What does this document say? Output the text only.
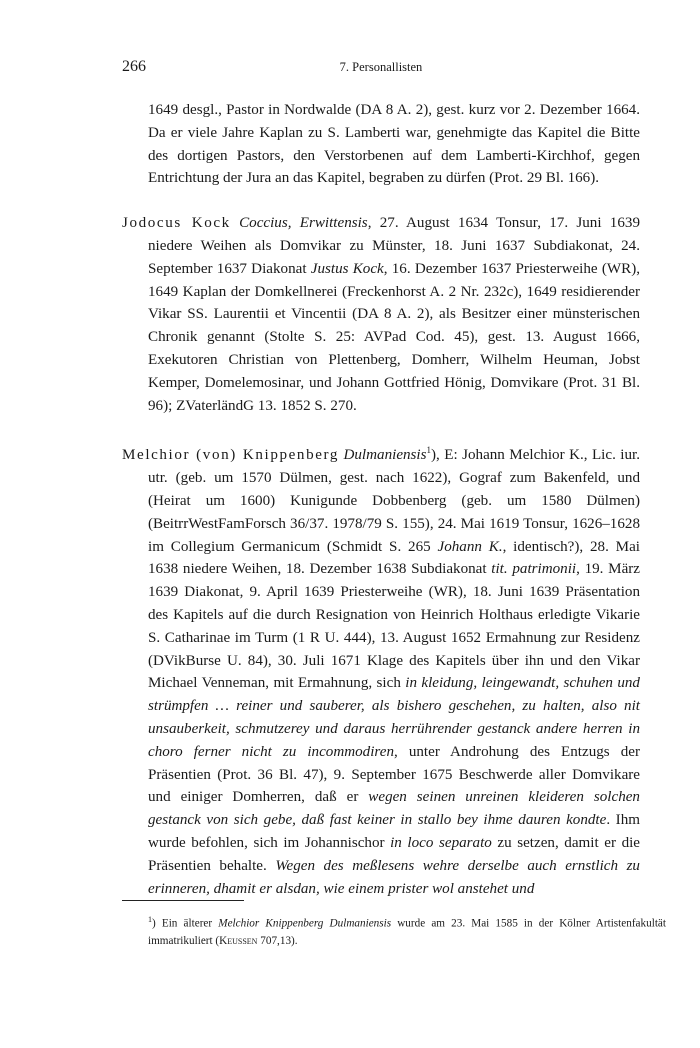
266	7. Personallisten
1649 desgl., Pastor in Nordwalde (DA 8 A. 2), gest. kurz vor 2. Dezember 1664. Da er viele Jahre Kaplan zu S. Lamberti war, genehmigte das Kapitel die Bitte des dortigen Pastors, den Verstorbenen auf dem Lamberti-Kirchhof, gegen Entrichtung der Jura an das Kapitel, begraben zu dürfen (Prot. 29 Bl. 166).
Jodocus Kock Coccius, Erwittensis, 27. August 1634 Tonsur, 17. Juni 1639 niedere Weihen als Domvikar zu Münster, 18. Juni 1637 Subdiakonat, 24. September 1637 Diakonat Justus Kock, 16. Dezember 1637 Priesterweihe (WR), 1649 Kaplan der Domkellnerei (Freckenhorst A. 2 Nr. 232c), 1649 residierender Vikar SS. Laurentii et Vincentii (DA 8 A. 2), als Besitzer einer münsterischen Chronik genannt (Stolte S. 25: AVPad Cod. 45), gest. 13. August 1666, Exekutoren Christian von Plettenberg, Domherr, Wilhelm Heuman, Jobst Kemper, Domelemosinar, und Johann Gottfried Hönig, Domvikare (Prot. 31 Bl. 96); ZVaterländG 13. 1852 S. 270.
Melchior (von) Knippenberg Dulmaniensis$^1$), E: Johann Melchior K., Lic. iur. utr. (geb. um 1570 Dülmen, gest. nach 1622), Gograf zum Bakenfeld, und (Heirat um 1600) Kunigunde Dobbenberg (geb. um 1580 Dülmen) (BeitrrWestFamForsch 36/37. 1978/79 S. 155), 24. Mai 1619 Tonsur, 1626–1628 im Collegium Germanicum (Schmidt S. 265 Johann K., identisch?), 28. Mai 1638 niedere Weihen, 18. Dezember 1638 Subdiakonat tit. patrimonii, 19. März 1639 Diakonat, 9. April 1639 Priesterweihe (WR), 18. Juni 1639 Präsentation des Kapitels auf die durch Resignation von Heinrich Holthaus erledigte Vikarie S. Catharinae im Turm (1 R U. 444), 13. August 1652 Ermahnung zur Residenz (DVikBurse U. 84), 30. Juli 1671 Klage des Kapitels über ihn und den Vikar Michael Venneman, mit Ermahnung, sich in kleidung, leingewandt, schuhen und strümpfen … reiner und sauberer, als bishero geschehen, zu halten, also nit unsauberkeit, schmutzerey und daraus herrührender gestanck andere herren in choro ferner nicht zu incommodiren, unter Androhung des Entzugs der Präsentien (Prot. 36 Bl. 47), 9. September 1675 Beschwerde aller Domvikare und einiger Domherren, daß er wegen seinen unreinen kleideren solchen gestanck von sich gebe, daß fast keiner in stallo bey ihme dauren kondte. Ihm wurde befohlen, sich im Johannischor in loco separato zu setzen, damit er die Präsentien behalte. Wegen des meßlesens wehre derselbe auch ernstlich zu erinneren, dhamit er alsdan, wie einem prister wol anstehet und
$^1$) Ein älterer Melchior Knippenberg Dulmaniensis wurde am 23. Mai 1585 in der Kölner Artistenfakultät immatrikuliert (Keussen 707,13).
